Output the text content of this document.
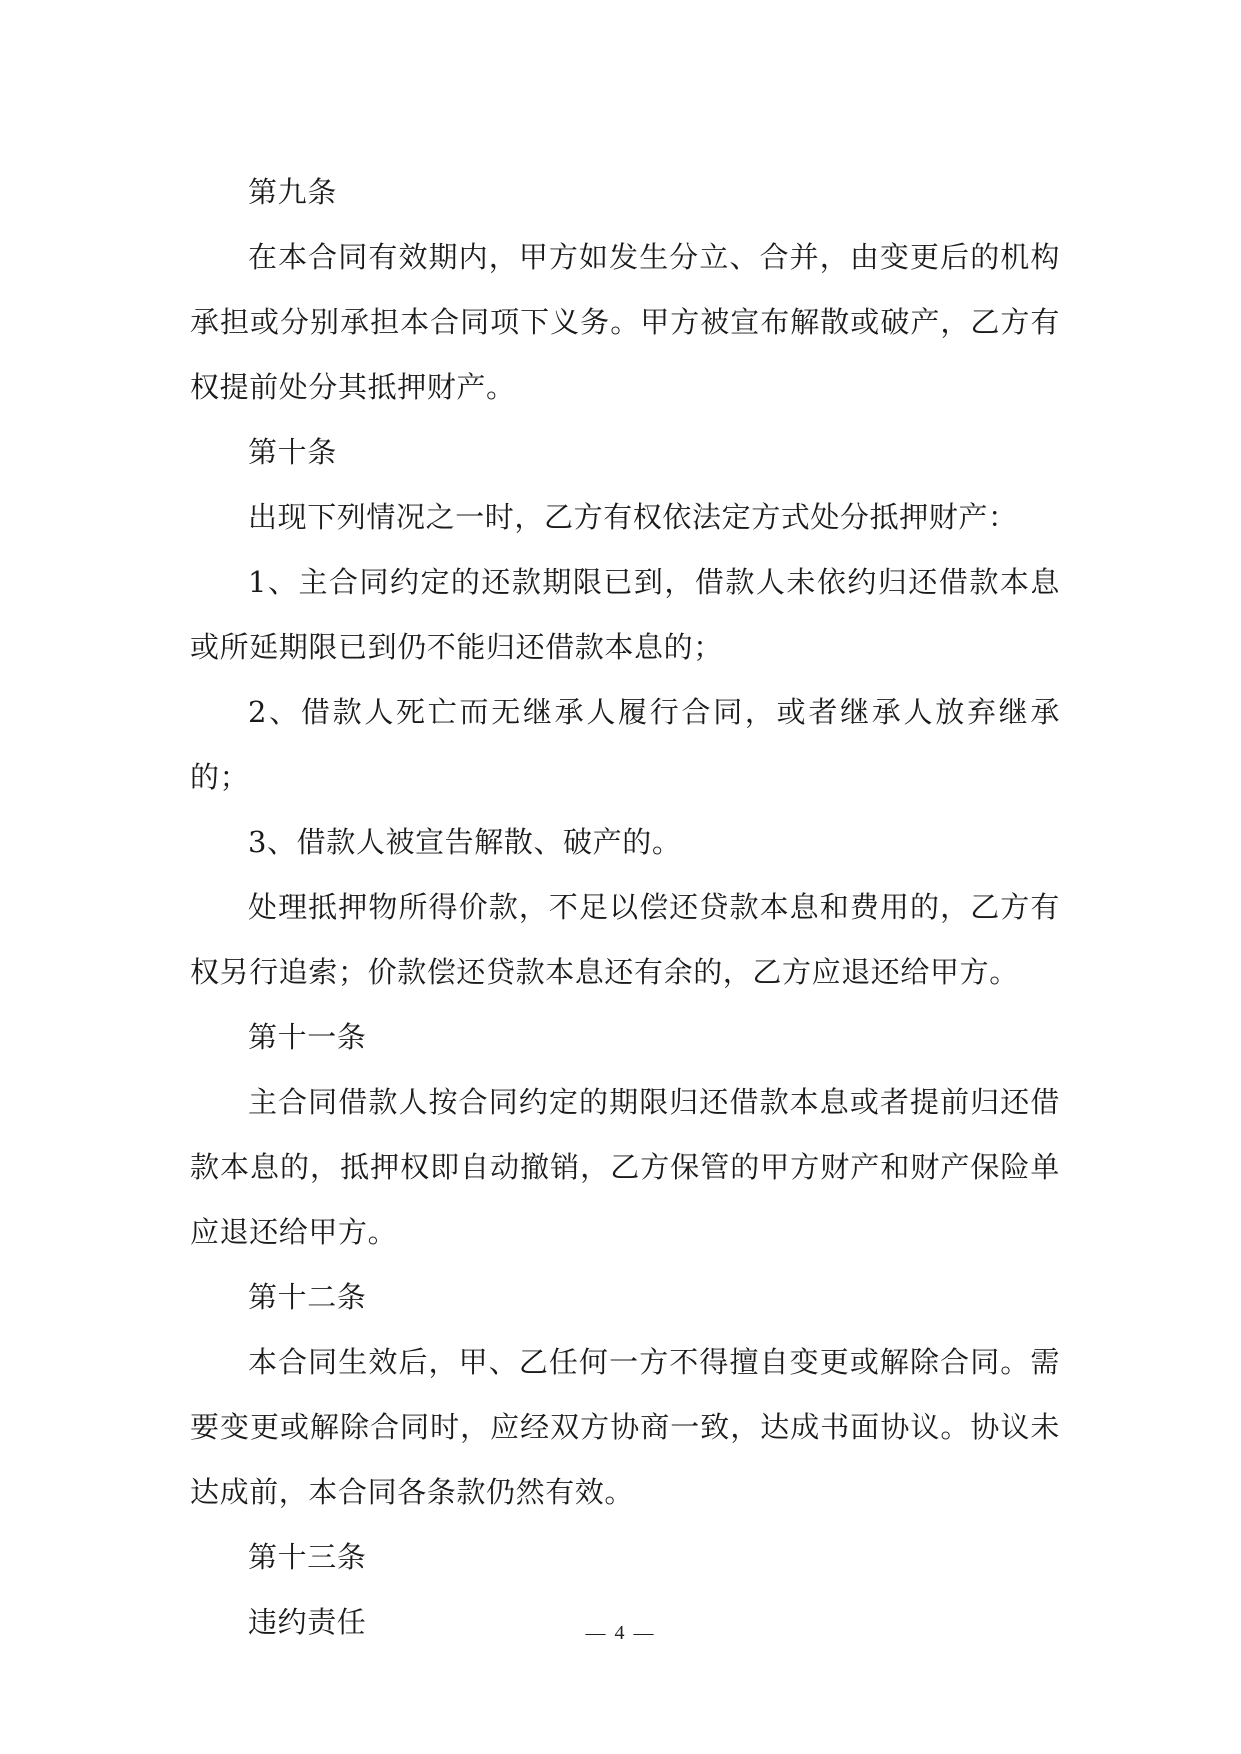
第九条

在本合同有效期内，甲方如发生分立、合并，由变更后的机构承担或分别承担本合同项下义务。甲方被宣布解散或破产，乙方有权提前处分其抵押财产。

第十条

出现下列情况之一时，乙方有权依法定方式处分抵押财产：

1、主合同约定的还款期限已到，借款人未依约归还借款本息或所延期限已到仍不能归还借款本息的；

2、借款人死亡而无继承人履行合同，或者继承人放弃继承的；

3、借款人被宣告解散、破产的。

处理抵押物所得价款，不足以偿还贷款本息和费用的，乙方有权另行追索；价款偿还贷款本息还有余的，乙方应退还给甲方。

第十一条

主合同借款人按合同约定的期限归还借款本息或者提前归还借款本息的，抵押权即自动撤销，乙方保管的甲方财产和财产保险单应退还给甲方。

第十二条

本合同生效后，甲、乙任何一方不得擅自变更或解除合同。需要变更或解除合同时，应经双方协商一致，达成书面协议。协议未达成前，本合同各条款仍然有效。

第十三条

违约责任	— 4 —
